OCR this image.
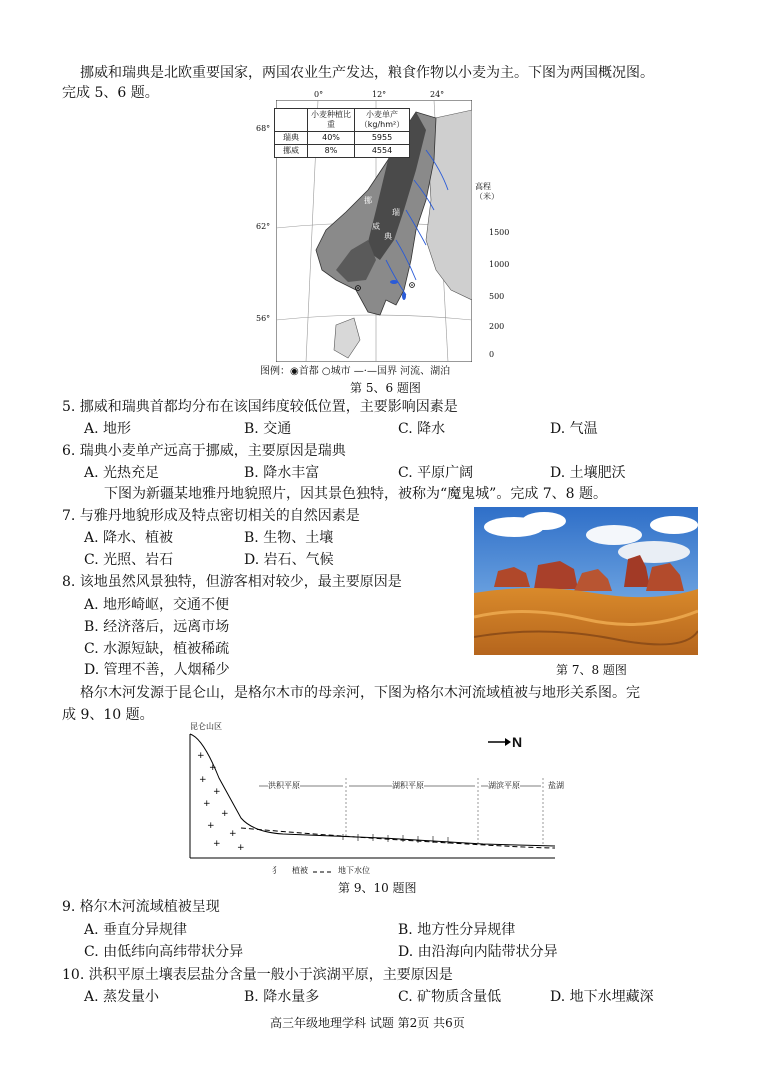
挪威和瑞典是北欧重要国家，两国农业生产发达，粮食作物以小麦为主。下图为两国概况图。
完成 5、6 题。	0°	12°	24°
68°
62°
56°
	小麦种植比重	小麦单产（kg/hm²）
瑞典	40%	5955
挪威	8%	4554
挪
威
瑞
典
高程（米）
1500
1000
500
200
0
图例：◉首都 ○城市 —·—国界 河流、湖泊
第 5、6 题图
5. 挪威和瑞典首都均分布在该国纬度较低位置，主要影响因素是
A. 地形	B. 交通	C. 降水	D. 气温
6. 瑞典小麦单产远高于挪威，主要原因是瑞典
A. 光热充足	B. 降水丰富	C. 平原广阔	D. 土壤肥沃
下图为新疆某地雅丹地貌照片，因其景色独特，被称为“魔鬼城”。完成 7、8 题。
7. 与雅丹地貌形成及特点密切相关的自然因素是
A. 降水、植被	B. 生物、土壤
C. 光照、岩石	D. 岩石、气候
8. 该地虽然风景独特，但游客相对较少，最主要原因是
A. 地形崎岖，交通不便
B. 经济落后，远离市场
C. 水源短缺，植被稀疏
D. 管理不善，人烟稀少	第 7、8 题图
格尔木河发源于昆仑山，是格尔木市的母亲河，下图为格尔木河流域植被与地形关系图。完
成 9、10 题。
+
+
+
+
+
+
+
+
+ +
昆仑山区
N
洪积平原	湖积平原	湖滨平原	盐湖
⺨ 植被	地下水位
第 9、10 题图
9. 格尔木河流域植被呈现
A. 垂直分异规律	B. 地方性分异规律
C. 由低纬向高纬带状分异	D. 由沿海向内陆带状分异
10. 洪积平原土壤表层盐分含量一般小于滨湖平原，主要原因是
A. 蒸发量小	B. 降水量多	C. 矿物质含量低	D. 地下水埋藏深
高三年级地理学科 试题 第2页 共6页
